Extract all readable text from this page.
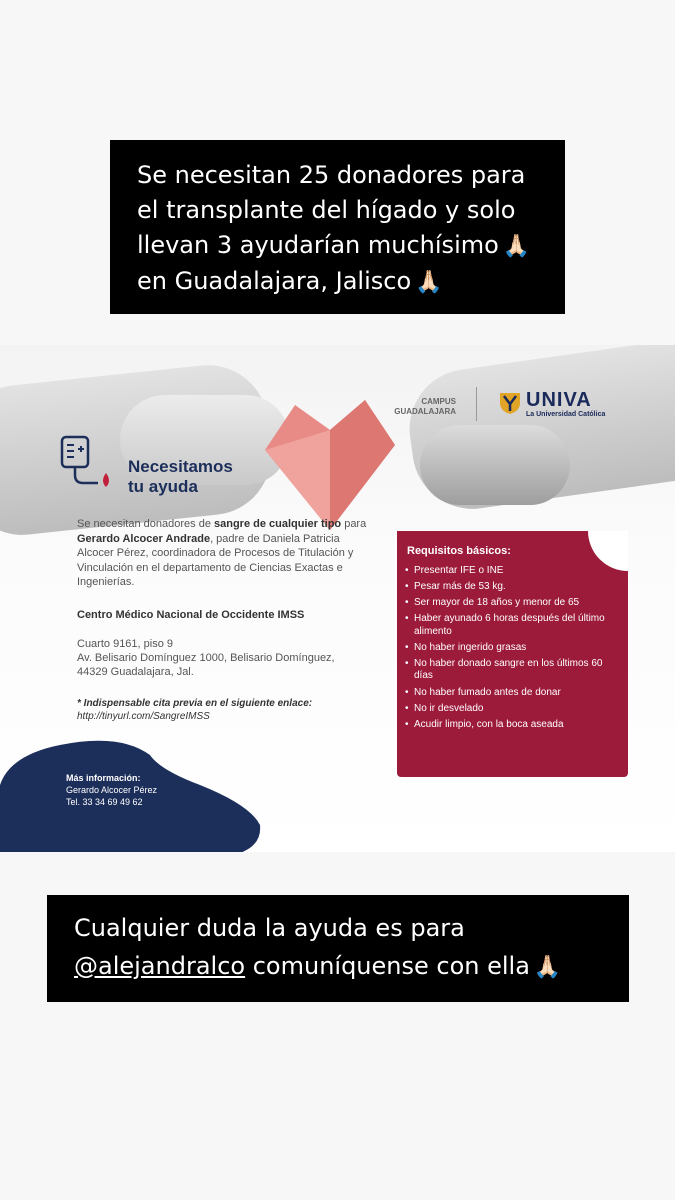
Se necesitan 25 donadores para
el transplante del hígado y solo
llevan 3 ayudarían muchísimo 🙏🏻
en Guadalajara, Jalisco 🙏🏻
CAMPUS
GUADALAJARA
UNIVA
La Universidad Católica
Necesitamos
tu ayuda
Se necesitan donadores de sangre de cualquier tipo para Gerardo Alcocer Andrade, padre de Daniela Patricia Alcocer Pérez, coordinadora de Procesos de Titulación y Vinculación en el departamento de Ciencias Exactas e Ingenierías.
Centro Médico Nacional de Occidente IMSS
Cuarto 9161, piso 9
Av. Belisario Domínguez 1000, Belisario Domínguez,
44329 Guadalajara, Jal.
* Indispensable cita previa en el siguiente enlace:
http://tinyurl.com/SangreIMSS
Más información:
Gerardo Alcocer Pérez
Tel. 33 34 69 49 62
Requisitos básicos:
• Presentar IFE o INE
• Pesar más de 53 kg.
• Ser mayor de 18 años y menor de 65
• Haber ayunado 6 horas después del último alimento
• No haber ingerido grasas
• No haber donado sangre en los últimos 60 días
• No haber fumado antes de donar
• No ir desvelado
• Acudir limpio, con la boca aseada
Cualquier duda la ayuda es para
@alejandralco comuníquense con ella 🙏🏻
